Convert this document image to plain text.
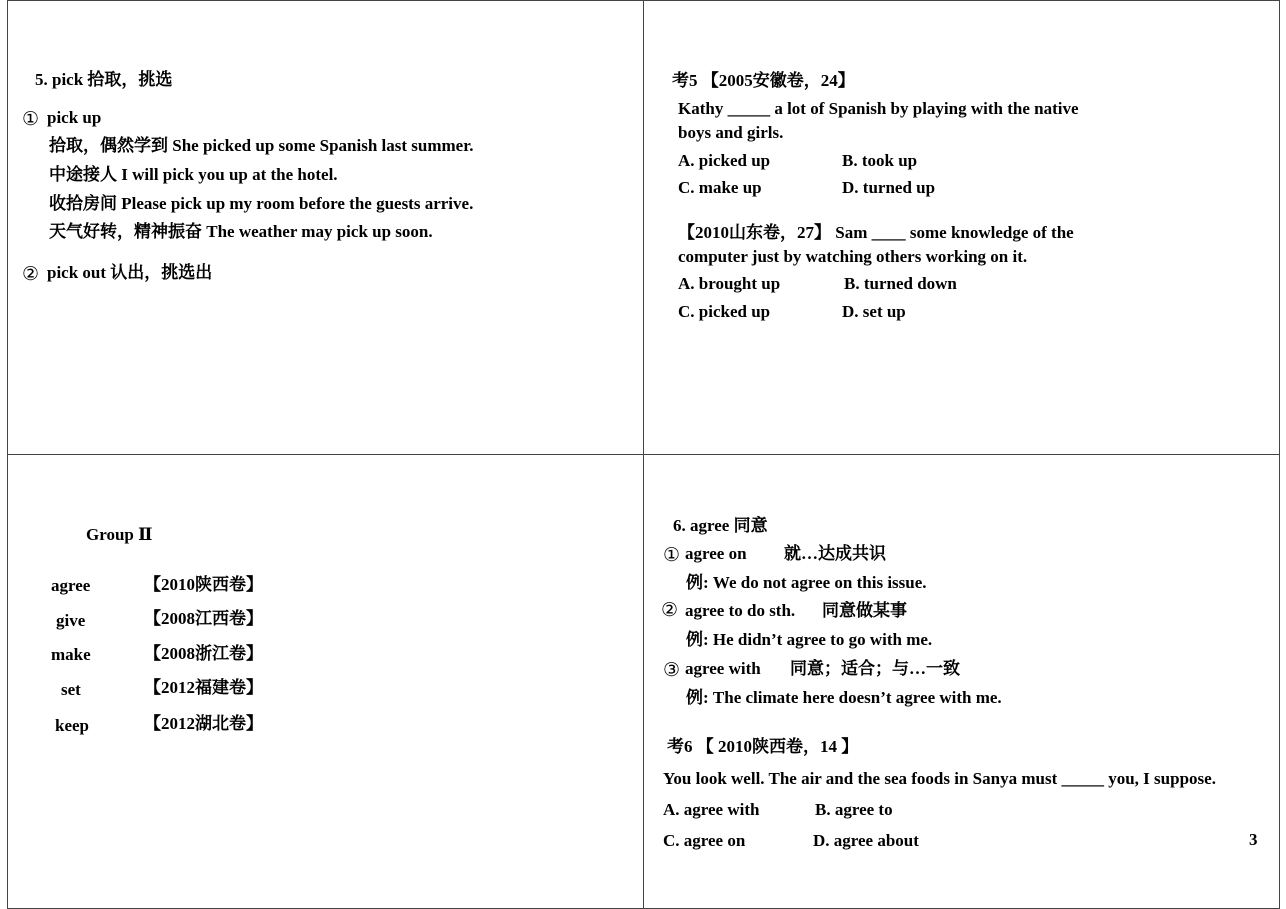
5. pick 拾取，挑选
① pick up
拾取，偶然学到 She picked up some Spanish last summer.
中途接人 I will pick you up at the hotel.
收拾房间 Please pick up my room before the guests arrive.
天气好转，精神振奋 The weather may pick up soon.
② pick out 认出，挑选出
考5 【2005安徽卷，24】
Kathy _____ a lot of Spanish by playing with the native
boys and girls.
A. picked up	B. took up
C. make up	D. turned up
【2010山东卷，27】 Sam ____ some knowledge of the
computer just by watching others working on it.
A. brought up	B. turned down
C. picked up	D. set up
Group Ⅱ
agree	【2010陕西卷】
give	【2008江西卷】
make	【2008浙江卷】
set	【2012福建卷】
keep	【2012湖北卷】
6. agree 同意
① agree on 就…达成共识
例: We do not agree on this issue.
② agree to do sth. 同意做某事
例: He didn’t agree to go with me.
③ agree with 同意；适合；与…一致
例: The climate here doesn’t agree with me.
考6 【 2010陕西卷，14 】
You look well. The air and the sea foods in Sanya must _____ you, I suppose.
A. agree with	B. agree to
C. agree on	D. agree about	3
